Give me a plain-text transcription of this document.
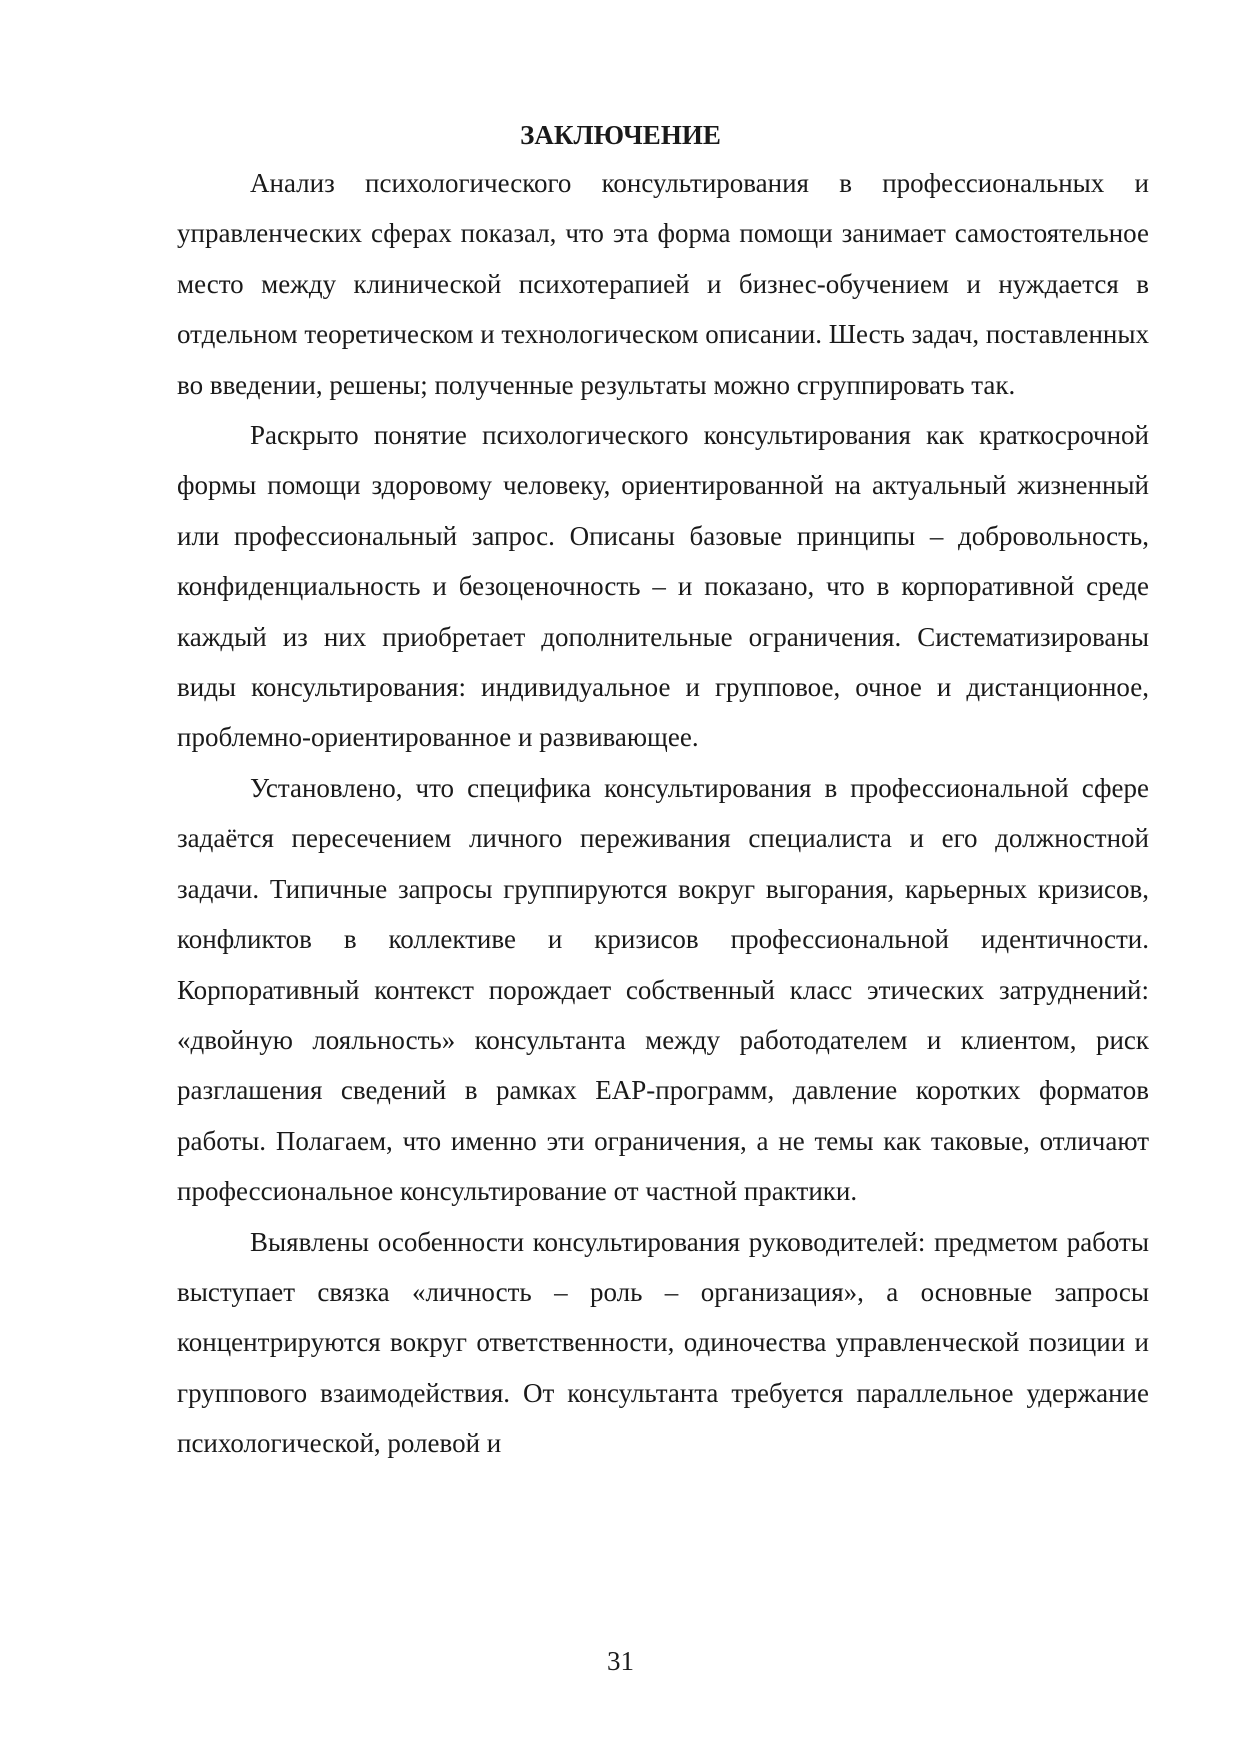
ЗАКЛЮЧЕНИЕ

Анализ психологического консультирования в профессиональных и управленческих сферах показал, что эта форма помощи занимает самостоятельное место между клинической психотерапией и бизнес-обучением и нуждается в отдельном теоретическом и технологическом описании. Шесть задач, поставленных во введении, решены; полученные результаты можно сгруппировать так.

Раскрыто понятие психологического консультирования как краткосрочной формы помощи здоровому человеку, ориентированной на актуальный жизненный или профессиональный запрос. Описаны базовые принципы – добровольность, конфиденциальность и безоценочность – и показано, что в корпоративной среде каждый из них приобретает дополнительные ограничения. Систематизированы виды консультирования: индивидуальное и групповое, очное и дистанционное, проблемно-ориентированное и развивающее.

Установлено, что специфика консультирования в профессиональной сфере задаётся пересечением личного переживания специалиста и его должностной задачи. Типичные запросы группируются вокруг выгорания, карьерных кризисов, конфликтов в коллективе и кризисов профессиональной идентичности. Корпоративный контекст порождает собственный класс этических затруднений: «двойную лояльность» консультанта между работодателем и клиентом, риск разглашения сведений в рамках EAP-программ, давление коротких форматов работы. Полагаем, что именно эти ограничения, а не темы как таковые, отличают профессиональное консультирование от частной практики.

Выявлены особенности консультирования руководителей: предметом работы выступает связка «личность – роль – организация», а основные запросы концентрируются вокруг ответственности, одиночества управленческой позиции и группового взаимодействия. От консультанта требуется параллельное удержание психологической, ролевой и

31
